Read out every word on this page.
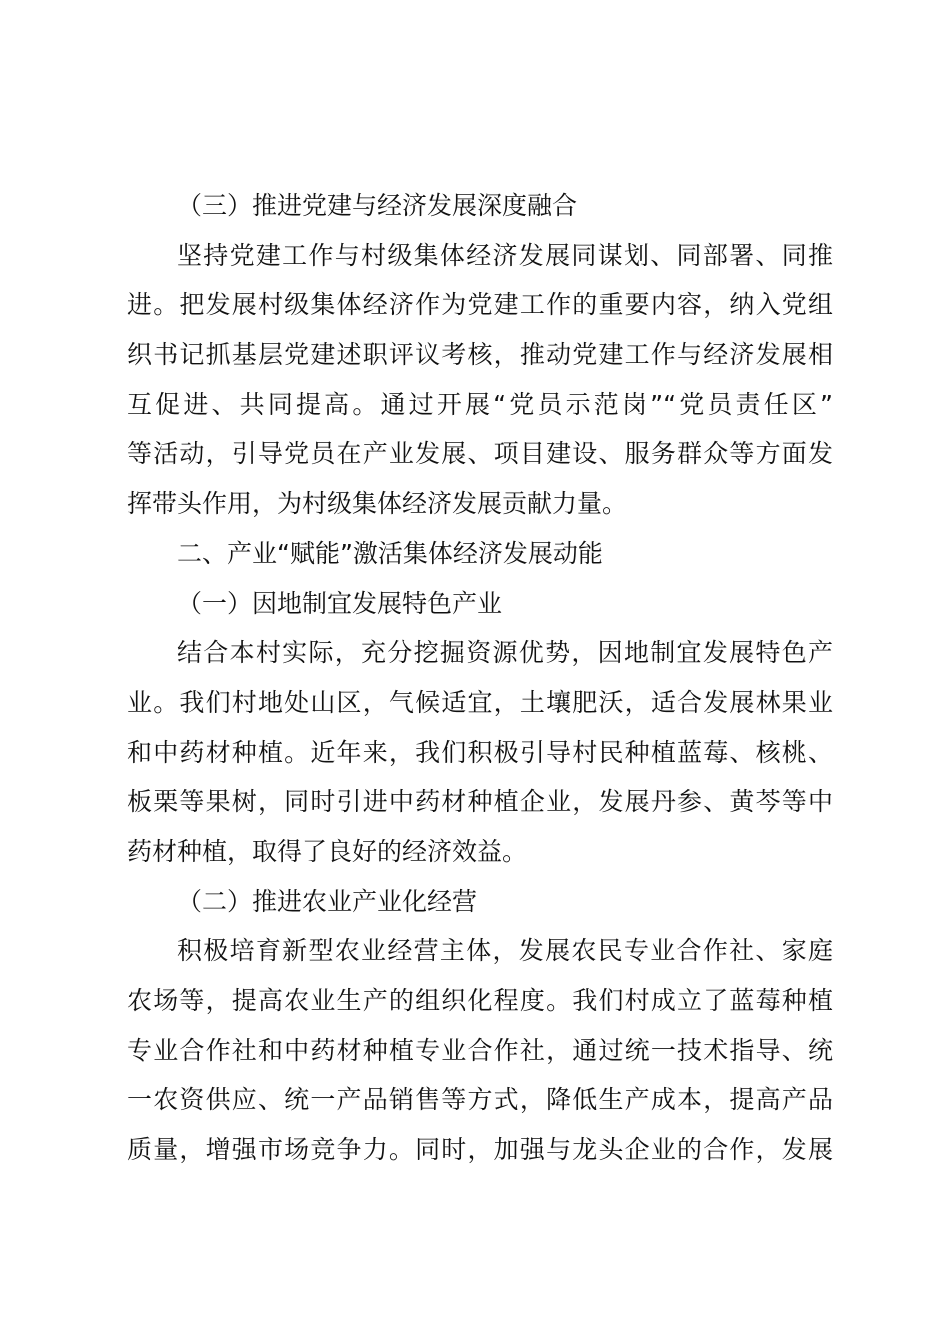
（三）推进党建与经济发展深度融合
坚持党建工作与村级集体经济发展同谋划、同部署、同推
进。把发展村级集体经济作为党建工作的重要内容，纳入党组
织书记抓基层党建述职评议考核，推动党建工作与经济发展相
互促进、共同提高。通过开展“党员示范岗”“党员责任区”
等活动，引导党员在产业发展、项目建设、服务群众等方面发
挥带头作用，为村级集体经济发展贡献力量。
二、产业“赋能”激活集体经济发展动能
（一）因地制宜发展特色产业
结合本村实际，充分挖掘资源优势，因地制宜发展特色产
业。我们村地处山区，气候适宜，土壤肥沃，适合发展林果业
和中药材种植。近年来，我们积极引导村民种植蓝莓、核桃、
板栗等果树，同时引进中药材种植企业，发展丹参、黄芩等中
药材种植，取得了良好的经济效益。
（二）推进农业产业化经营
积极培育新型农业经营主体，发展农民专业合作社、家庭
农场等，提高农业生产的组织化程度。我们村成立了蓝莓种植
专业合作社和中药材种植专业合作社，通过统一技术指导、统
一农资供应、统一产品销售等方式，降低生产成本，提高产品
质量，增强市场竞争力。同时，加强与龙头企业的合作，发展
